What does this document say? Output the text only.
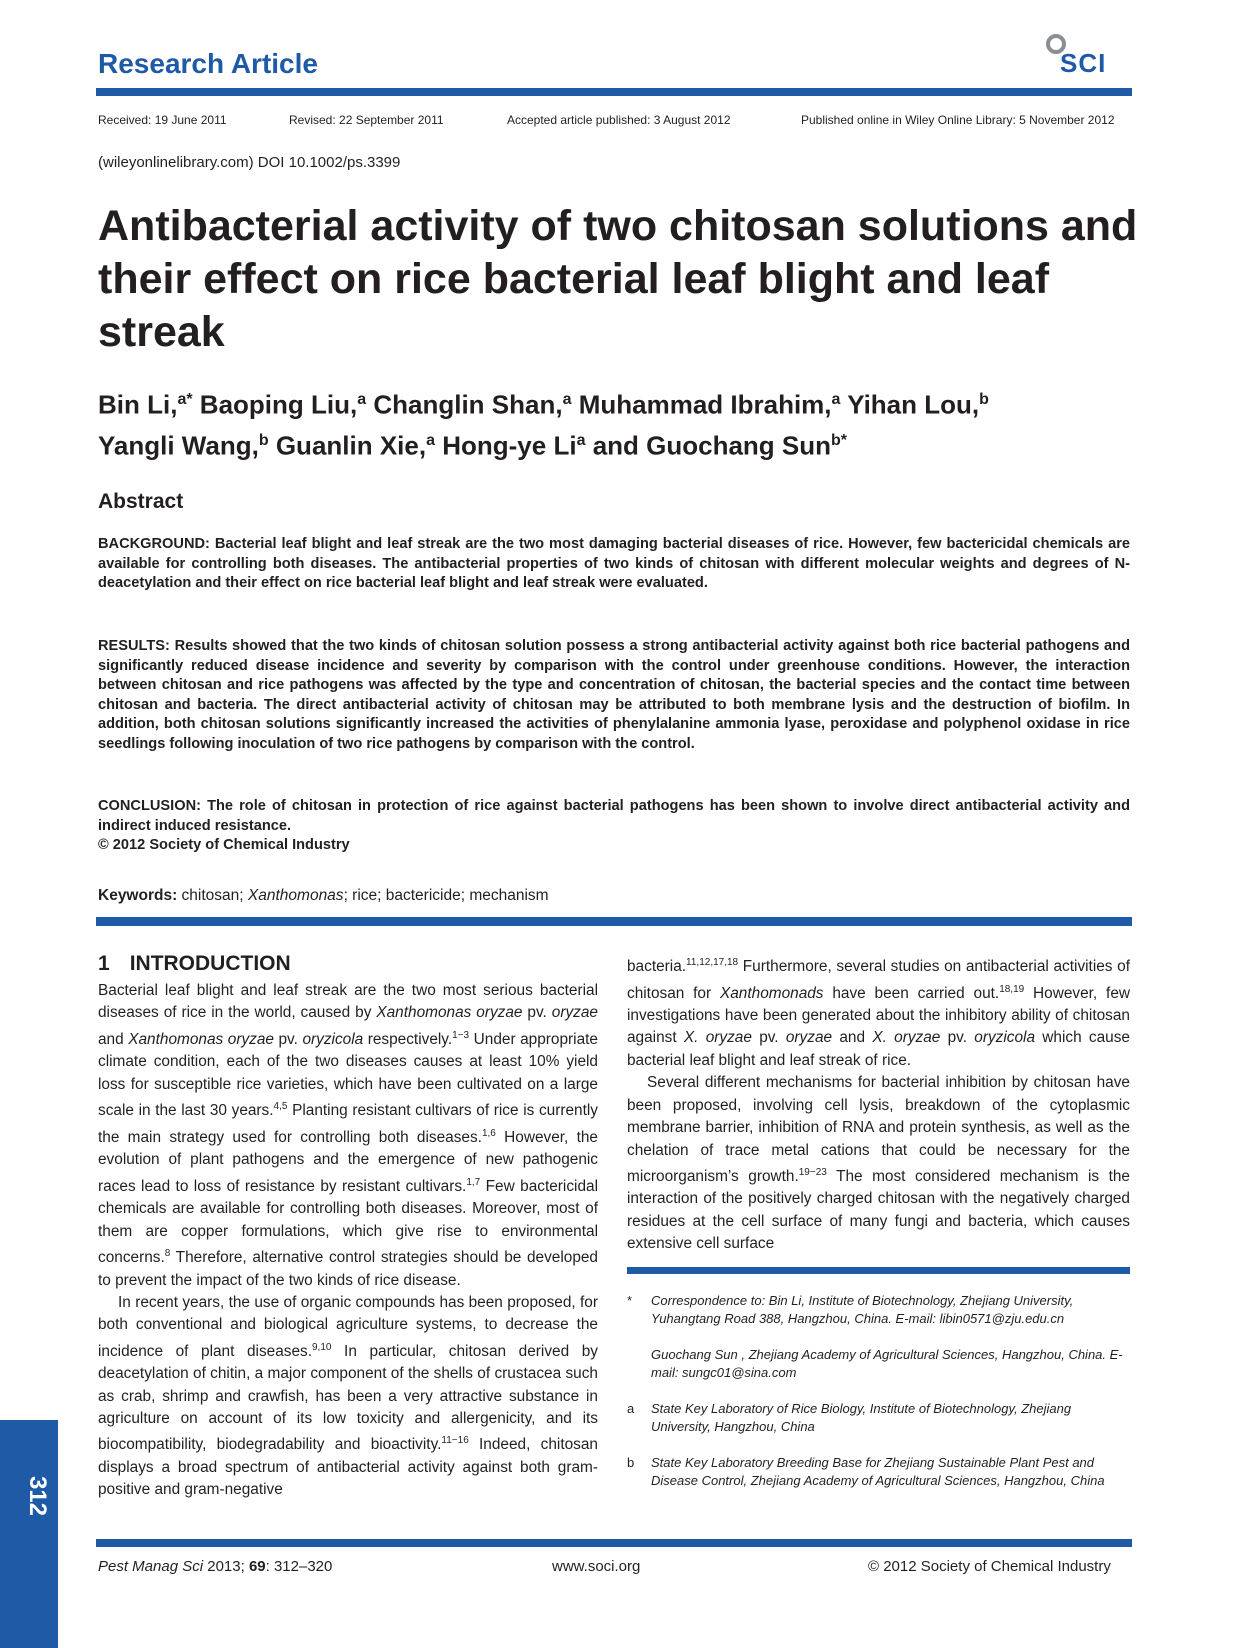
Research Article	SCI
Received: 19 June 2011	Revised: 22 September 2011	Accepted article published: 3 August 2012	Published online in Wiley Online Library: 5 November 2012
(wileyonlinelibrary.com) DOI 10.1002/ps.3399
Antibacterial activity of two chitosan solutions and their effect on rice bacterial leaf blight and leaf streak
Bin Li,$^{a*}$ Baoping Liu,$^a$ Changlin Shan,$^a$ Muhammad Ibrahim,$^a$ Yihan Lou,$^b$
Yangli Wang,$^b$ Guanlin Xie,$^a$ Hong-ye Li$^a$ and Guochang Sun$^{b*}$
Abstract
BACKGROUND: Bacterial leaf blight and leaf streak are the two most damaging bacterial diseases of rice. However, few bactericidal chemicals are available for controlling both diseases. The antibacterial properties of two kinds of chitosan with different molecular weights and degrees of N-deacetylation and their effect on rice bacterial leaf blight and leaf streak were evaluated.
RESULTS: Results showed that the two kinds of chitosan solution possess a strong antibacterial activity against both rice bacterial pathogens and significantly reduced disease incidence and severity by comparison with the control under greenhouse conditions. However, the interaction between chitosan and rice pathogens was affected by the type and concentration of chitosan, the bacterial species and the contact time between chitosan and bacteria. The direct antibacterial activity of chitosan may be attributed to both membrane lysis and the destruction of biofilm. In addition, both chitosan solutions significantly increased the activities of phenylalanine ammonia lyase, peroxidase and polyphenol oxidase in rice seedlings following inoculation of two rice pathogens by comparison with the control.
CONCLUSION: The role of chitosan in protection of rice against bacterial pathogens has been shown to involve direct antibacterial activity and indirect induced resistance.
© 2012 Society of Chemical Industry
Keywords: chitosan; Xanthomonas; rice; bactericide; mechanism
1 INTRODUCTION

Bacterial leaf blight and leaf streak are the two most serious bacterial diseases of rice in the world, caused by Xanthomonas oryzae pv. oryzae and Xanthomonas oryzae pv. oryzicola respectively.$^{1-3}$ Under appropriate climate condition, each of the two diseases causes at least 10% yield loss for susceptible rice varieties, which have been cultivated on a large scale in the last 30 years.$^{4,5}$ Planting resistant cultivars of rice is currently the main strategy used for controlling both diseases.$^{1,6}$ However, the evolution of plant pathogens and the emergence of new pathogenic races lead to loss of resistance by resistant cultivars.$^{1,7}$ Few bactericidal chemicals are available for controlling both diseases. Moreover, most of them are copper formulations, which give rise to environmental concerns.$^8$ Therefore, alternative control strategies should be developed to prevent the impact of the two kinds of rice disease.

In recent years, the use of organic compounds has been proposed, for both conventional and biological agriculture systems, to decrease the incidence of plant diseases.$^{9,10}$ In particular, chitosan derived by deacetylation of chitin, a major component of the shells of crustacea such as crab, shrimp and crawfish, has been a very attractive substance in agriculture on account of its low toxicity and allergenicity, and its biocompatibility, biodegradability and bioactivity.$^{11-16}$ Indeed, chitosan displays a broad spectrum of antibacterial activity against both gram-positive and gram-negative

bacteria.$^{11,12,17,18}$ Furthermore, several studies on antibacterial activities of chitosan for Xanthomonads have been carried out.$^{18,19}$ However, few investigations have been generated about the inhibitory ability of chitosan against X. oryzae pv. oryzae and X. oryzae pv. oryzicola which cause bacterial leaf blight and leaf streak of rice.

Several different mechanisms for bacterial inhibition by chitosan have been proposed, involving cell lysis, breakdown of the cytoplasmic membrane barrier, inhibition of RNA and protein synthesis, as well as the chelation of trace metal cations that could be necessary for the microorganism’s growth.$^{19-23}$ The most considered mechanism is the interaction of the positively charged chitosan with the negatively charged residues at the cell surface of many fungi and bacteria, which causes extensive cell surface

*	Correspondence to: Bin Li, Institute of Biotechnology, Zhejiang University, Yuhangtang Road 388, Hangzhou, China. E-mail: libin0571@zju.edu.cn
Guochang Sun , Zhejiang Academy of Agricultural Sciences, Hangzhou, China. E-mail: sungc01@sina.com
a	State Key Laboratory of Rice Biology, Institute of Biotechnology, Zhejiang University, Hangzhou, China
b	State Key Laboratory Breeding Base for Zhejiang Sustainable Plant Pest and Disease Control, Zhejiang Academy of Agricultural Sciences, Hangzhou, China
312
Pest Manag Sci 2013; 69: 312–320	www.soci.org	© 2012 Society of Chemical Industry
